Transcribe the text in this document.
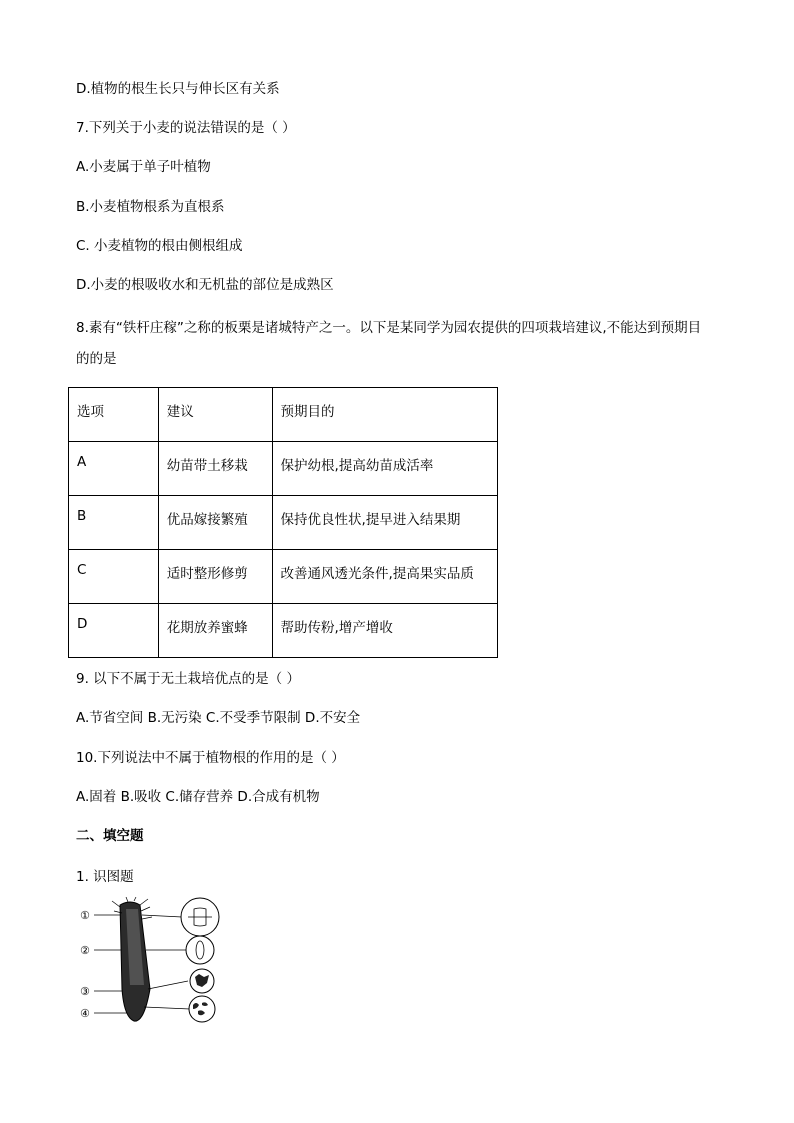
D.植物的根生长只与伸长区有关系
7.下列关于小麦的说法错误的是（ ）
A.小麦属于单子叶植物
B.小麦植物根系为直根系
C. 小麦植物的根由侧根组成
D.小麦的根吸收水和无机盐的部位是成熟区
8.素有“铁杆庄稼”之称的板栗是诸城特产之一。以下是某同学为园农提供的四项栽培建议,不能达到预期目
的的是
选项	建议	预期目的
A	幼苗带土移栽	保护幼根,提高幼苗成活率
B	优品嫁接繁殖	保持优良性状,提早进入结果期
C	适时整形修剪	改善通风透光条件,提高果实品质
D	花期放养蜜蜂	帮助传粉,增产增收
9. 以下不属于无土栽培优点的是（ ）
A.节省空间 B.无污染 C.不受季节限制 D.不安全
10.下列说法中不属于植物根的作用的是（ ）
A.固着 B.吸收 C.储存营养 D.合成有机物
二、填空题
1. 识图题
①
②
③
④
